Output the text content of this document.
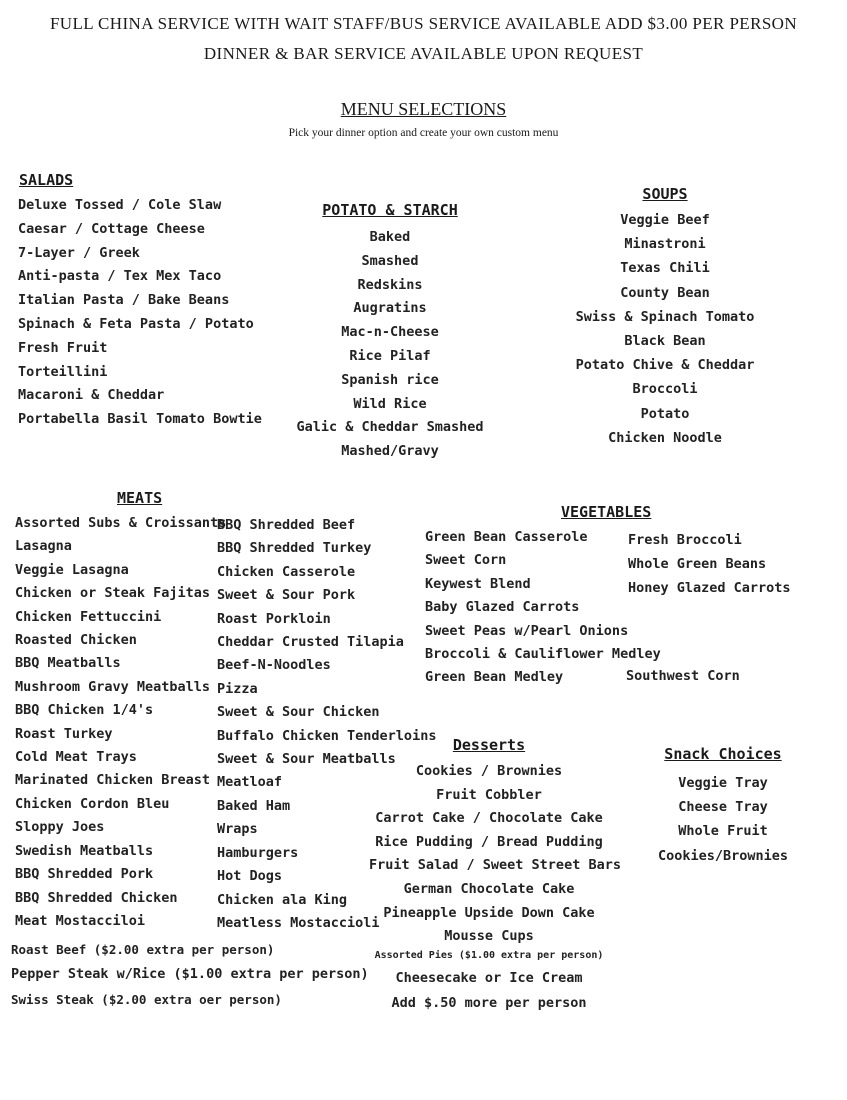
FULL CHINA SERVICE WITH WAIT STAFF/BUS SERVICE AVAILABLE ADD $3.00 PER PERSON
DINNER & BAR SERVICE AVAILABLE UPON REQUEST
MENU SELECTIONS
Pick your dinner option and create your own custom menu
SALADS
Deluxe Tossed / Cole Slaw
Caesar / Cottage Cheese
7-Layer / Greek
Anti-pasta / Tex Mex Taco
Italian Pasta / Bake Beans
Spinach & Feta Pasta / Potato
Fresh Fruit
Torteillini
Macaroni & Cheddar
Portabella Basil Tomato Bowtie
POTATO & STARCH
Baked
Smashed
Redskins
Augratins
Mac-n-Cheese
Rice Pilaf
Spanish rice
Wild Rice
Galic & Cheddar Smashed
Mashed/Gravy
SOUPS
Veggie Beef
Minastroni
Texas Chili
County Bean
Swiss & Spinach Tomato
Black Bean
Potato Chive & Cheddar
Broccoli
Potato
Chicken Noodle
MEATS
Assorted Subs & Croissants
Lasagna
Veggie Lasagna
Chicken or Steak Fajitas
Chicken Fettuccini
Roasted Chicken
BBQ Meatballs
Mushroom Gravy Meatballs
BBQ Chicken 1/4's
Roast Turkey
Cold Meat Trays
Marinated Chicken Breast
Chicken Cordon Bleu
Sloppy Joes
Swedish Meatballs
BBQ Shredded Pork
BBQ Shredded Chicken
Meat Mostacciloi
BBQ Shredded Beef
BBQ Shredded Turkey
Chicken Casserole
Sweet & Sour Pork
Roast Porkloin
Cheddar Crusted Tilapia
Beef-N-Noodles
Pizza
Sweet & Sour Chicken
Buffalo Chicken Tenderloins
Sweet & Sour Meatballs
Meatloaf
Baked Ham
Wraps
Hamburgers
Hot Dogs
Chicken ala King
Meatless Mostaccioli
Roast Beef ($2.00 extra per person)
Pepper Steak w/Rice ($1.00 extra per person)
Swiss Steak ($2.00 extra oer person)
VEGETABLES
Green Bean Casserole
Sweet Corn
Keywest Blend
Baby Glazed Carrots
Sweet Peas w/Pearl Onions
Broccoli & Cauliflower Medley
Green Bean Medley
Fresh Broccoli
Whole Green Beans
Honey Glazed Carrots
Southwest Corn
Desserts
Cookies / Brownies
Fruit Cobbler
Carrot Cake / Chocolate Cake
Rice Pudding / Bread Pudding
Fruit Salad / Sweet Street Bars
German Chocolate Cake
Pineapple Upside Down Cake
Mousse Cups
Assorted Pies ($1.00 extra per person)
Cheesecake or Ice Cream
Add $.50 more per person
Snack Choices
Veggie Tray
Cheese Tray
Whole Fruit
Cookies/Brownies
